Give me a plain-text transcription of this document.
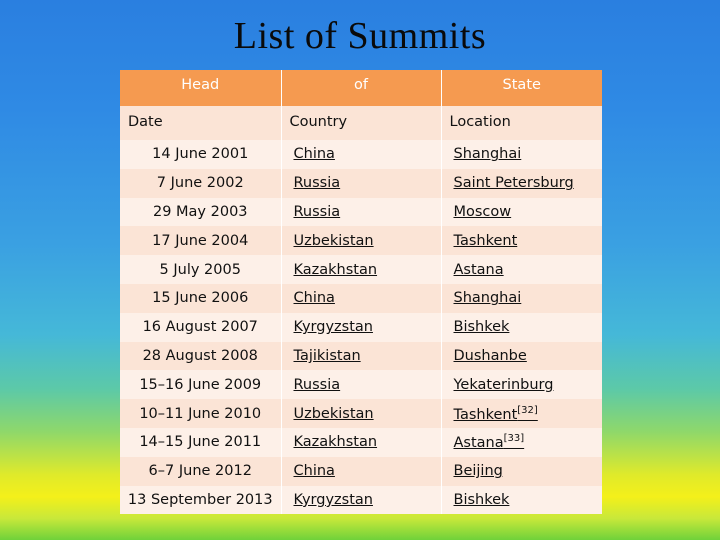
List of Summits
Head	of	State
Date	Country	Location
14 June 2001	China	Shanghai
7 June 2002	Russia	Saint Petersburg
29 May 2003	Russia	Moscow
17 June 2004	Uzbekistan	Tashkent
5 July 2005	Kazakhstan	Astana
15 June 2006	China	Shanghai
16 August 2007	Kyrgyzstan	Bishkek
28 August 2008	Tajikistan	Dushanbe
15–16 June 2009	Russia	Yekaterinburg
10–11 June 2010	Uzbekistan	Tashkent[32]
14–15 June 2011	Kazakhstan	Astana[33]
6–7 June 2012	China	Beijing
13 September 2013	Kyrgyzstan	Bishkek
